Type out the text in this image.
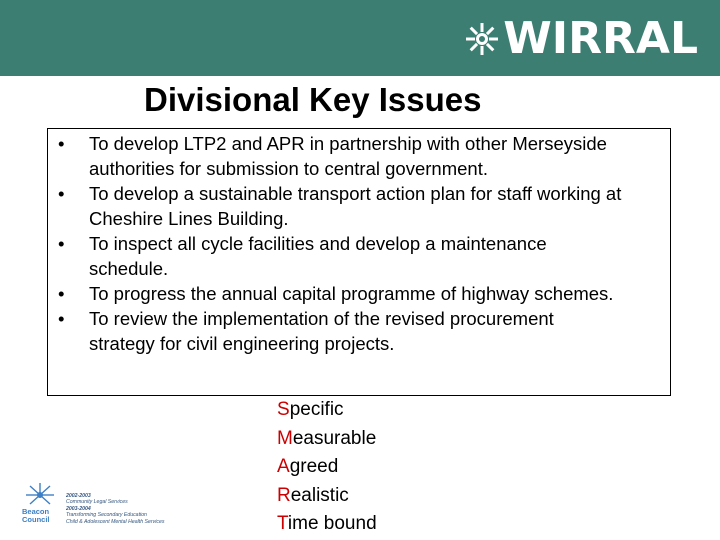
WIRRAL
Divisional Key Issues
• To develop LTP2 and APR in partnership with other Merseyside
authorities for submission to central government.
• To develop a sustainable transport action plan for staff working at
Cheshire Lines Building.
• To inspect all cycle facilities and develop a maintenance
schedule.
• To progress the annual capital programme of highway schemes.
• To review the implementation of the revised procurement
strategy for civil engineering projects.
Specific
Measurable
Agreed
Realistic
Time bound
Beacon
Council
2002-2003
Community Legal Services
2003-2004
Transforming Secondary Education
Child & Adolescent Mental Health Services
